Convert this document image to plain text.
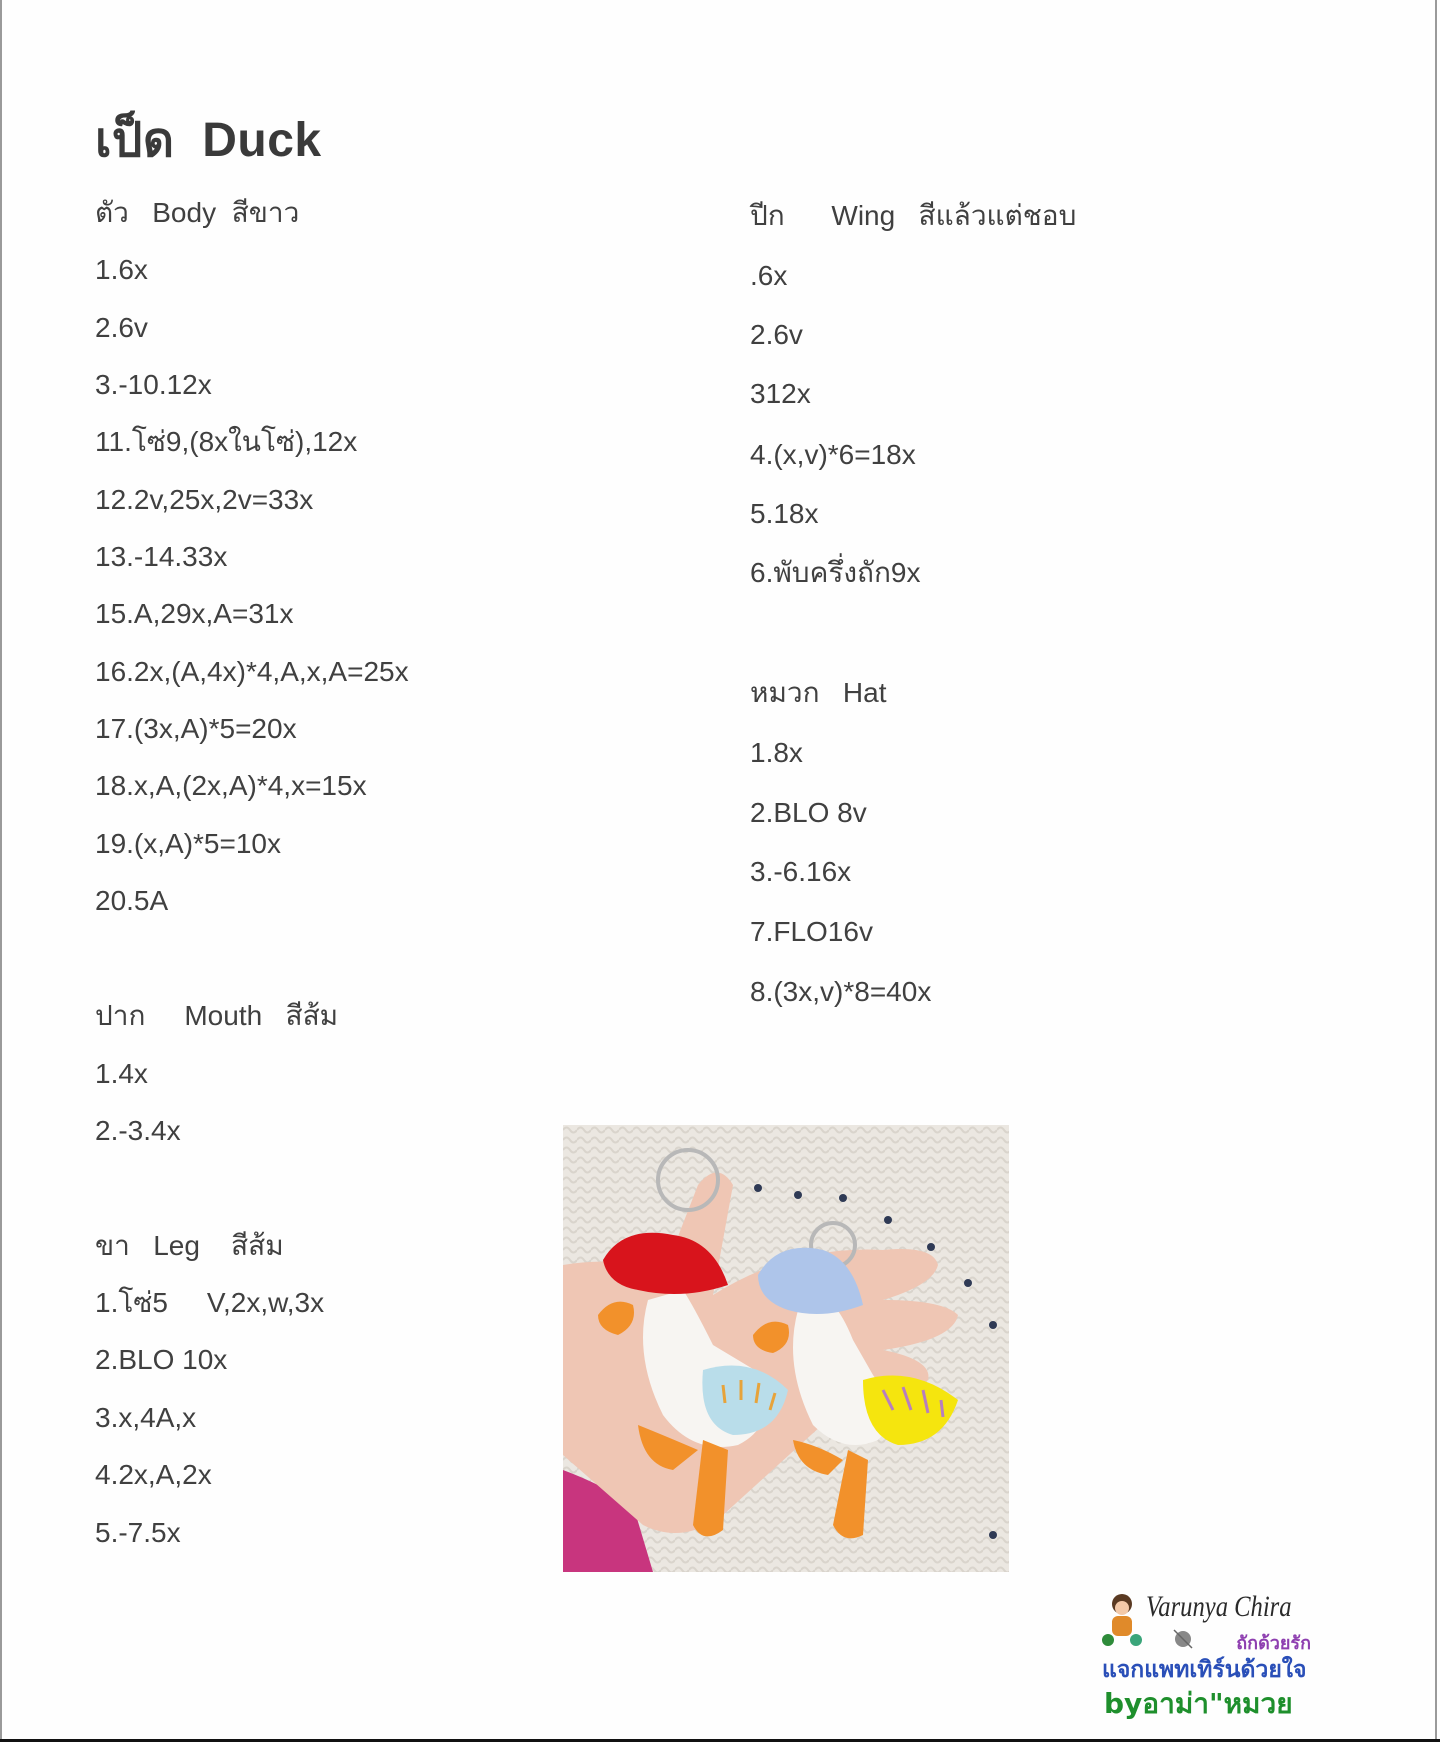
เป็ด  Duck
ตัว   Body  สีขาว
1.6x
2.6v
3.-10.12x
11.โซ่9,(8xในโซ่),12x
12.2v,25x,2v=33x
13.-14.33x
15.A,29x,A=31x
16.2x,(A,4x)*4,A,x,A=25x
17.(3x,A)*5=20x
18.x,A,(2x,A)*4,x=15x
19.(x,A)*5=10x
20.5A
ปาก     Mouth   สีส้ม
1.4x
2.-3.4x
ขา   Leg    สีส้ม
1.โซ่5     V,2x,w,3x
2.BLO 10x
3.x,4A,x
4.2x,A,2x
5.-7.5x
ปีก      Wing   สีแล้วแต่ชอบ
.6x
2.6v
312x
4.(x,v)*6=18x
5.18x
6.พับครึ่งถัก9x
หมวก   Hat
1.8x
2.BLO 8v
3.-6.16x
7.FLO16v
8.(3x,v)*8=40x
Varunya Chira
ถักด้วยรัก
แจกแพทเทิร์นด้วยใจ
byอาม่า"หมวย
